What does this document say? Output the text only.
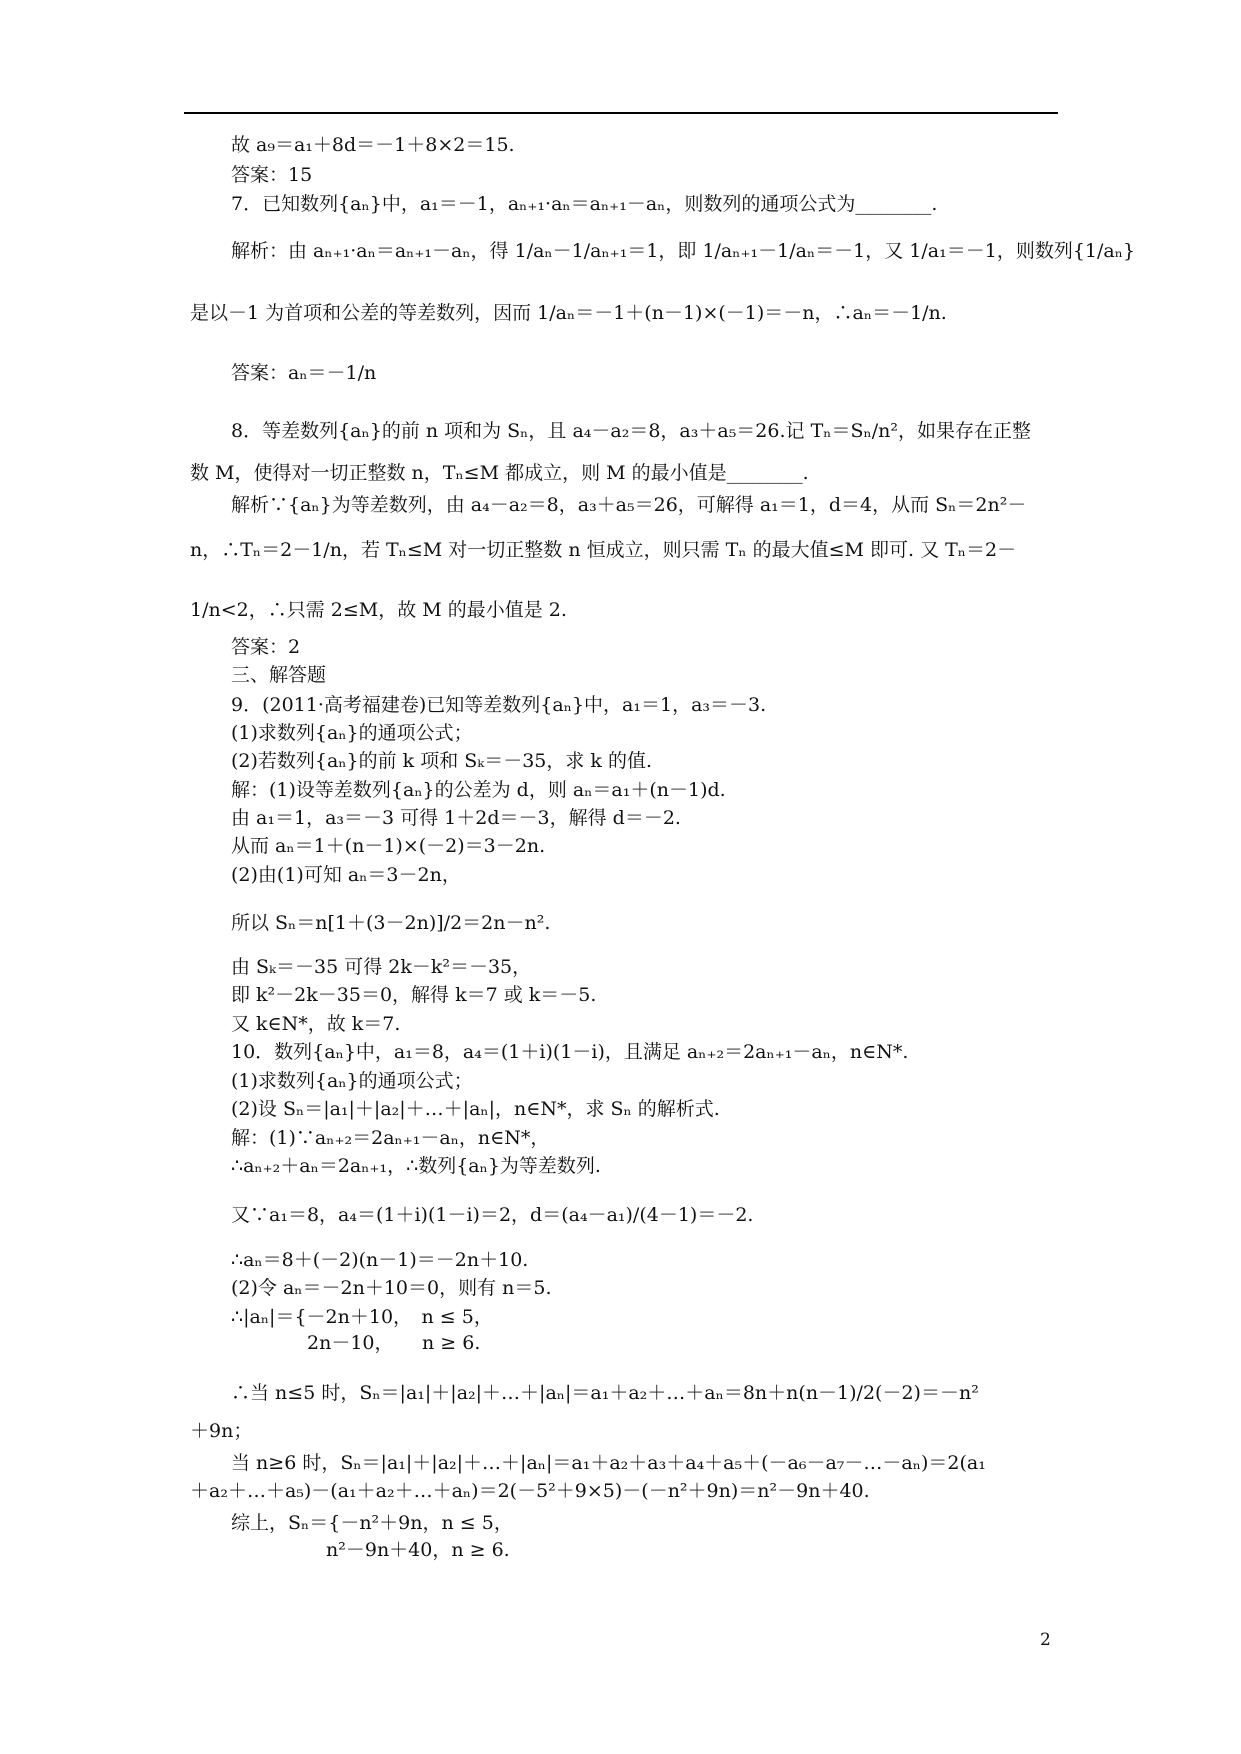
故 a₉＝a₁＋8d＝－1＋8×2＝15.
答案：15
7．已知数列{aₙ}中，a₁＝－1，aₙ₊₁·aₙ＝aₙ₊₁－aₙ，则数列的通项公式为________.
解析：由 aₙ₊₁·aₙ＝aₙ₊₁－aₙ，得 1/aₙ－1/aₙ₊₁＝1，即 1/aₙ₊₁－1/aₙ＝－1，又 1/a₁＝－1，则数列{1/aₙ}
是以－1 为首项和公差的等差数列，因而 1/aₙ＝－1＋(n－1)×(－1)＝－n，∴aₙ＝－1/n.
答案：aₙ＝－1/n
8．等差数列{aₙ}的前 n 项和为 Sₙ，且 a₄－a₂＝8，a₃＋a₅＝26.记 Tₙ＝Sₙ/n²，如果存在正整
数 M，使得对一切正整数 n，Tₙ≤M 都成立，则 M 的最小值是________.
解析∵{aₙ}为等差数列，由 a₄－a₂＝8，a₃＋a₅＝26，可解得 a₁＝1，d＝4，从而 Sₙ＝2n²－
n，∴Tₙ＝2－1/n，若 Tₙ≤M 对一切正整数 n 恒成立，则只需 Tₙ 的最大值≤M 即可. 又 Tₙ＝2－
1/n<2，∴只需 2≤M，故 M 的最小值是 2.
答案：2
三、解答题
9．(2011·高考福建卷)已知等差数列{aₙ}中，a₁＝1，a₃＝－3.
(1)求数列{aₙ}的通项公式；
(2)若数列{aₙ}的前 k 项和 Sₖ＝－35，求 k 的值.
解：(1)设等差数列{aₙ}的公差为 d，则 aₙ＝a₁＋(n－1)d.
由 a₁＝1，a₃＝－3 可得 1＋2d＝－3，解得 d＝－2.
从而 aₙ＝1＋(n－1)×(－2)＝3－2n.
(2)由(1)可知 aₙ＝3－2n，
所以 Sₙ＝n[1＋(3－2n)]/2＝2n－n².
由 Sₖ＝－35 可得 2k－k²＝－35，
即 k²－2k－35＝0，解得 k＝7 或 k＝－5.
又 k∈N*，故 k＝7.
10．数列{aₙ}中，a₁＝8，a₄＝(1＋i)(1－i)，且满足 aₙ₊₂＝2aₙ₊₁－aₙ，n∈N*.
(1)求数列{aₙ}的通项公式；
(2)设 Sₙ＝|a₁|＋|a₂|＋…＋|aₙ|，n∈N*，求 Sₙ 的解析式.
解：(1)∵aₙ₊₂＝2aₙ₊₁－aₙ，n∈N*，
∴aₙ₊₂＋aₙ＝2aₙ₊₁，∴数列{aₙ}为等差数列.
又∵a₁＝8，a₄＝(1＋i)(1－i)＝2，d＝(a₄－a₁)/(4－1)＝－2.
∴aₙ＝8＋(－2)(n－1)＝－2n＋10.
(2)令 aₙ＝－2n＋10＝0，则有 n＝5.
∴|aₙ|＝{－2n＋10，　n ≤ 5，
　　　　2n－10，　　n ≥ 6.
∴当 n≤5 时，Sₙ＝|a₁|＋|a₂|＋…＋|aₙ|＝a₁＋a₂＋…＋aₙ＝8n＋n(n－1)/2(－2)＝－n²
＋9n；
当 n≥6 时，Sₙ＝|a₁|＋|a₂|＋…＋|aₙ|＝a₁＋a₂＋a₃＋a₄＋a₅＋(－a₆－a₇－…－aₙ)＝2(a₁
＋a₂＋…＋a₅)－(a₁＋a₂＋…＋aₙ)＝2(－5²＋9×5)－(－n²＋9n)＝n²－9n＋40.
综上，Sₙ＝{－n²＋9n，n ≤ 5，
　　　　　n²－9n＋40，n ≥ 6.
2
